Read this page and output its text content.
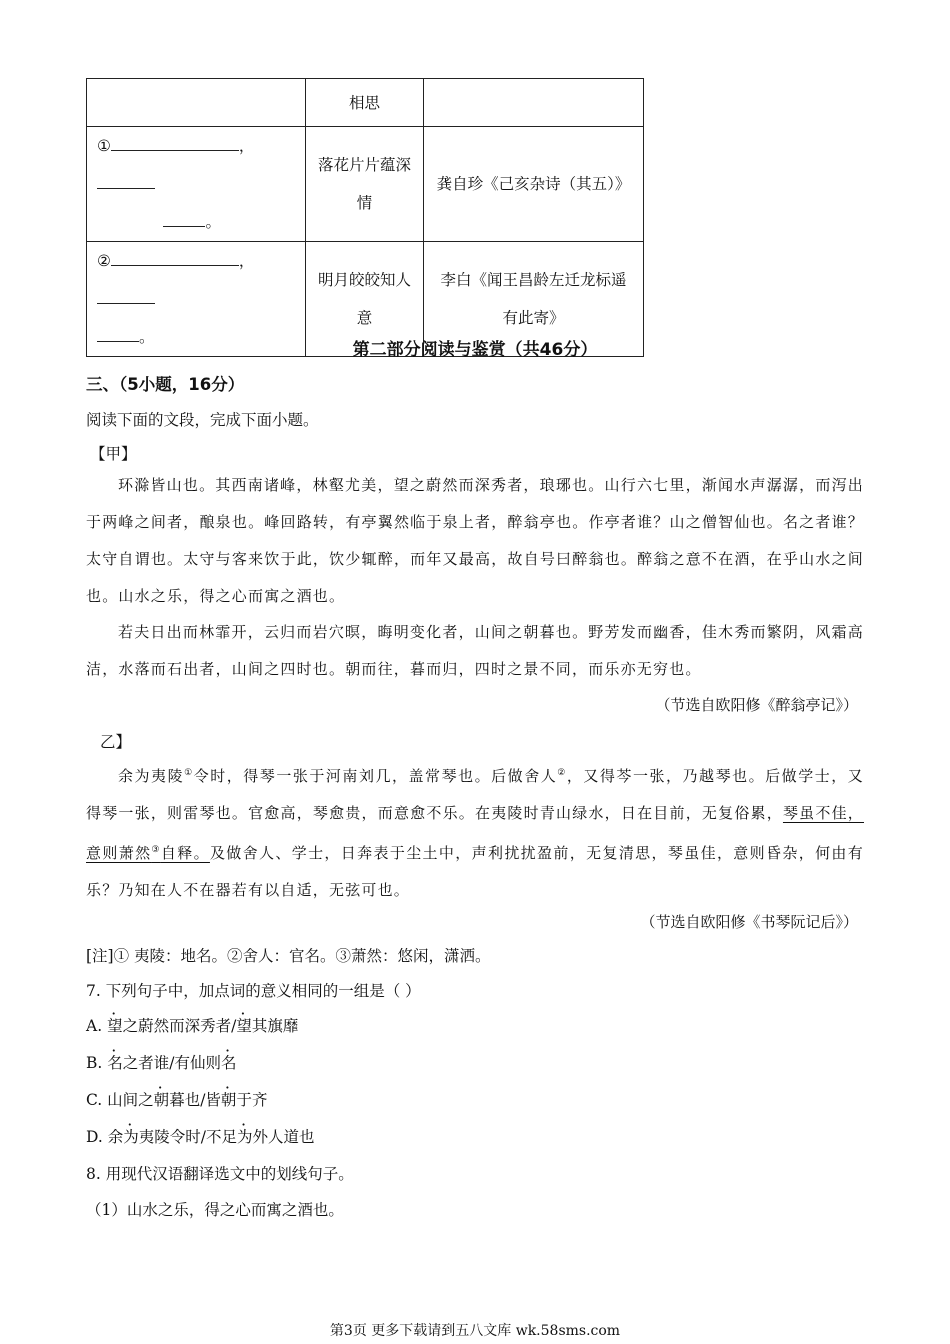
	相思	

① ，
。	落花片片蕴深情	龚自珍《己亥杂诗（其五）》

② ，
。	明月皎皎知人意	李白《闻王昌龄左迁龙标遥有此寄》
第二部分阅读与鉴赏（共46分）
三、（5小题，16分）
阅读下面的文段，完成下面小题。
【甲】
环滁皆山也。其西南诸峰，林壑尤美，望之蔚然而深秀者，琅琊也。山行六七里，渐闻水声潺潺，而泻出于两峰之间者，酿泉也。峰回路转，有亭翼然临于泉上者，醉翁亭也。作亭者谁？山之僧智仙也。名之者谁？太守自谓也。太守与客来饮于此，饮少辄醉，而年又最高，故自号曰醉翁也。醉翁之意不在酒，在乎山水之间也。山水之乐，得之心而寓之酒也。
若夫日出而林霏开，云归而岩穴暝，晦明变化者，山间之朝暮也。野芳发而幽香，佳木秀而繁阴，风霜高洁，水落而石出者，山间之四时也。朝而往，暮而归，四时之景不同，而乐亦无穷也。
（节选自欧阳修《醉翁亭记》）
乙】
余为夷陵①令时，得琴一张于河南刘几，盖常琴也。后做舍人②，又得芩一张，乃越琴也。后做学士，又得琴一张，则雷琴也。官愈高，琴愈贵，而意愈不乐。在夷陵时青山绿水，日在目前，无复俗累，琴虽不佳，意则萧然③自释。及做舍人、学士，日奔表于尘土中，声利扰扰盈前，无复清思，琴虽佳，意则昏杂，何由有乐？乃知在人不在器若有以自适，无弦可也。
（节选自欧阳修《书琴阮记后》）
[注]① 夷陵：地名。②舍人：官名。③萧然：悠闲，潇洒。
7. 下列句子中，加点词的意义相同的一组是（ ）
A. 望之蔚然而深秀者/望其旗靡
B. 名之者谁/有仙则名
C. 山间之朝暮也/皆朝于齐
D. 余为夷陵令时/不足为外人道也
8. 用现代汉语翻译选文中的划线句子。
（1）山水之乐，得之心而寓之酒也。
第3页 更多下载请到五八文库 wk.58sms.com
